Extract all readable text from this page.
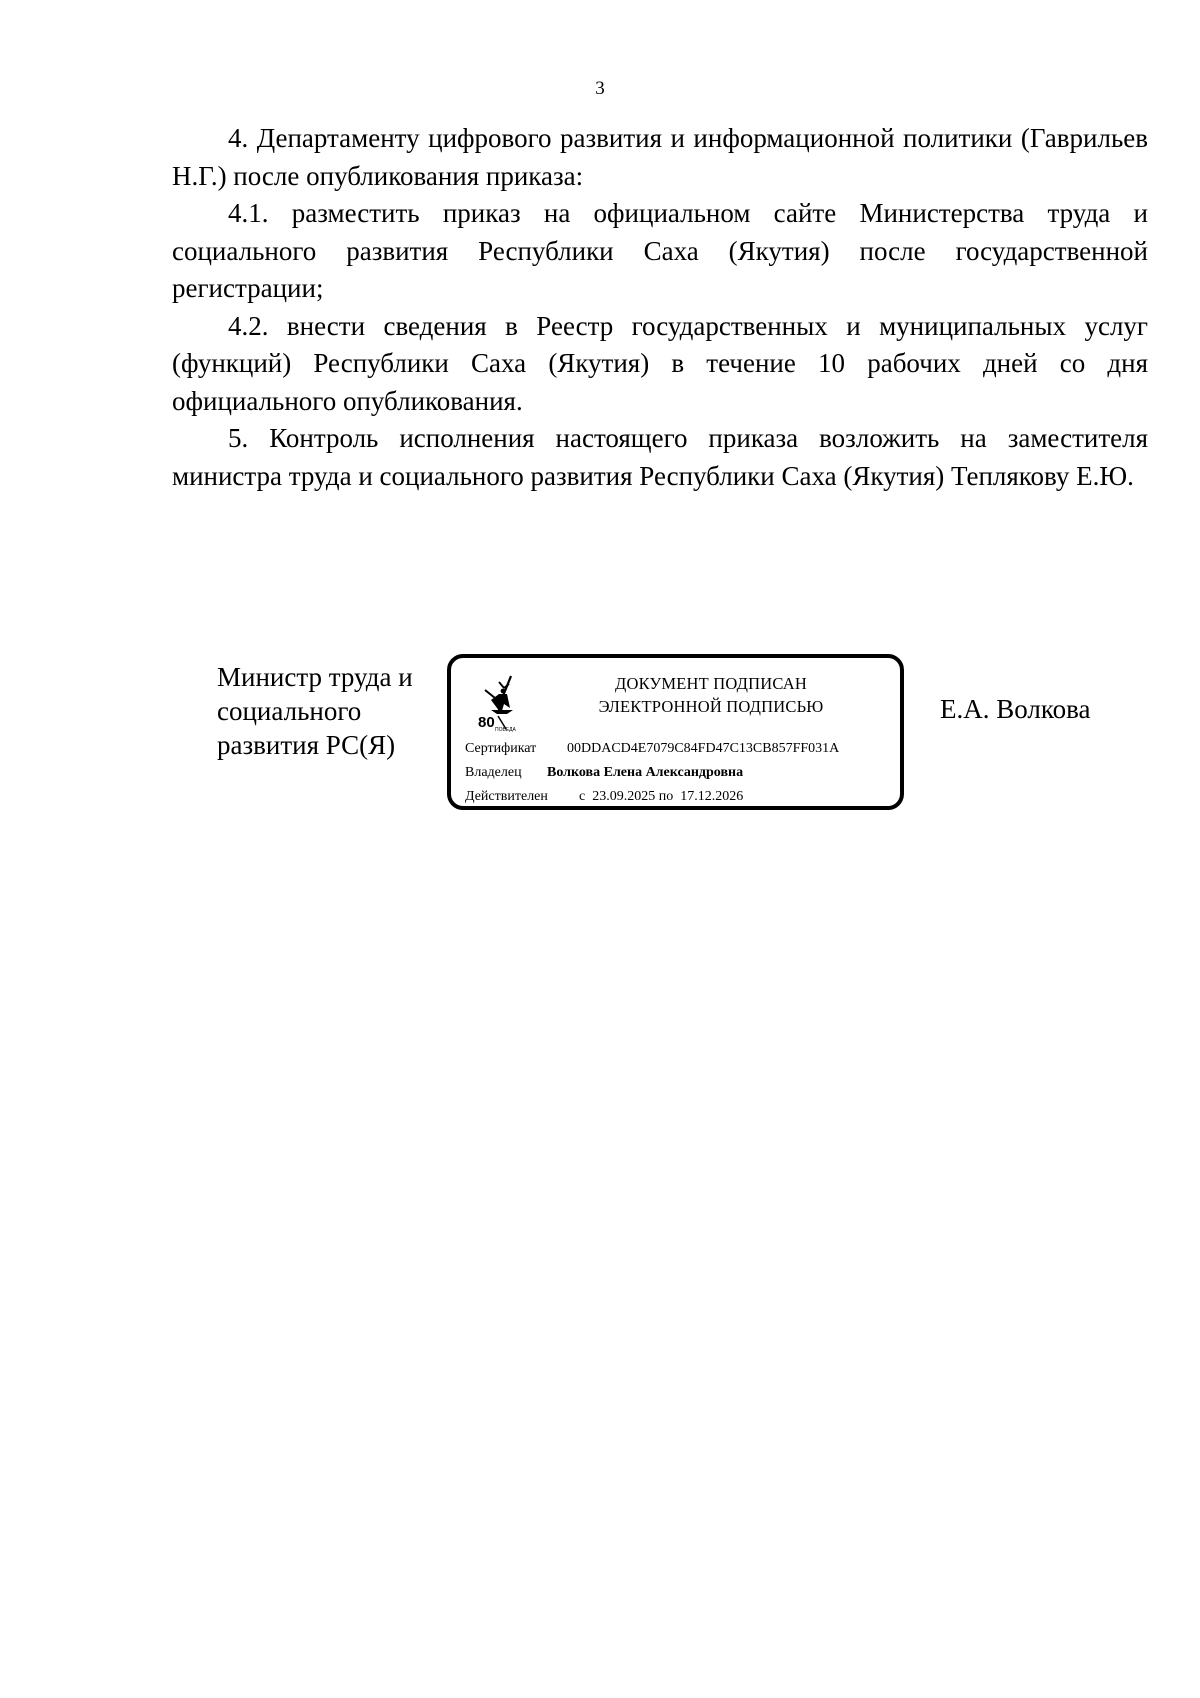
3

4. Департаменту цифрового развития и информационной политики (Гаврильев Н.Г.) после опубликования приказа:

4.1. разместить приказ на официальном сайте Министерства труда и социального развития Республики Саха (Якутия) после государственной регистрации;

4.2. внести сведения в Реестр государственных и муниципальных услуг (функций) Республики Саха (Якутия) в течение 10 рабочих дней со дня официального опубликования.

5. Контроль исполнения настоящего приказа возложить на заместителя министра труда и социального развития Республики Саха (Якутия) Теплякову Е.Ю.

Министр труда и
социального
развития РС(Я)
80 ПОБЕДА
ДОКУМЕНТ ПОДПИСАН
ЭЛЕКТРОННОЙ ПОДПИСЬЮ
Сертификат 00DDACD4E7079C84FD47C13CB857FF031A
Владелец Волкова Елена Александровна
Действителен с  23.09.2025 по  17.12.2026
Е.А. Волкова
